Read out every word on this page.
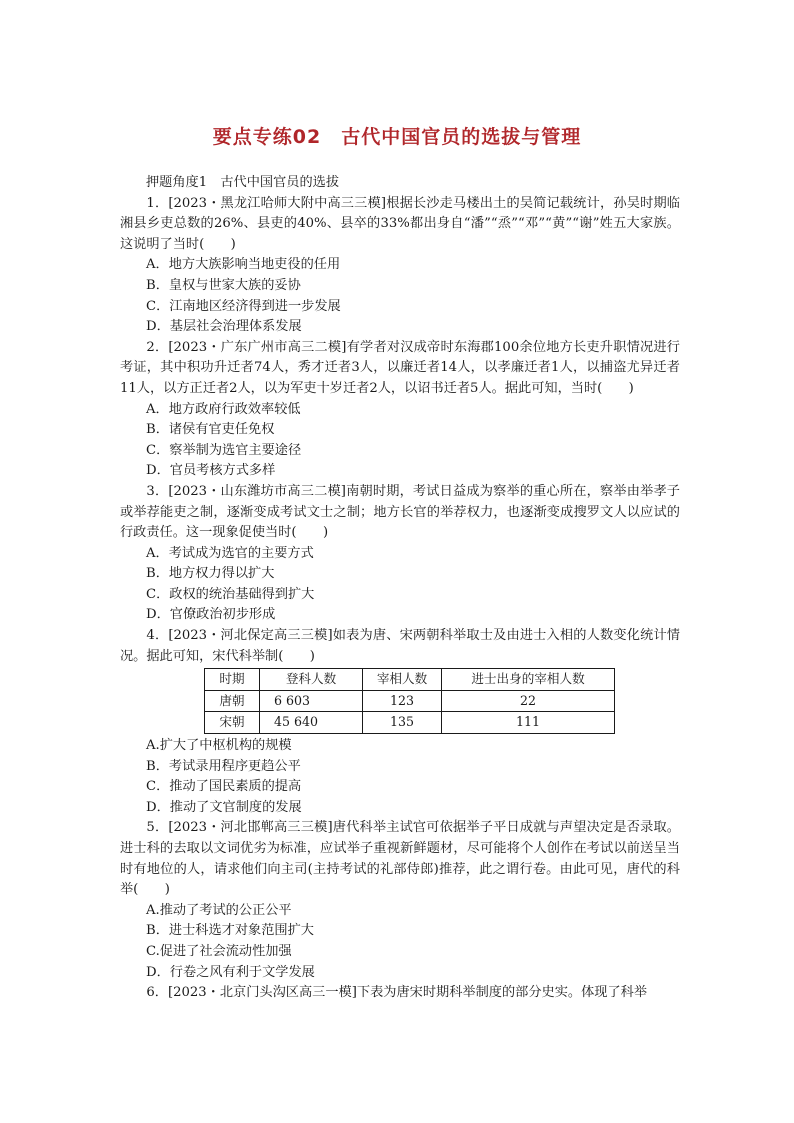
要点专练02　古代中国官员的选拔与管理

押题角度1　古代中国官员的选拔

1．[2023・黑龙江哈师大附中高三三模]根据长沙走马楼出土的吴简记载统计，孙吴时期临湘县乡吏总数的26%、县吏的40%、县卒的33%都出身自“潘”“烝”“邓”“黄”“谢”姓五大家族。这说明了当时(　　)

A．地方大族影响当地吏役的任用

B．皇权与世家大族的妥协

C．江南地区经济得到进一步发展

D．基层社会治理体系发展

2．[2023・广东广州市高三二模]有学者对汉成帝时东海郡100余位地方长吏升职情况进行考证，其中积功升迁者74人，秀才迁者3人，以廉迁者14人，以孝廉迁者1人，以捕盗尤异迁者11人，以方正迁者2人，以为军吏十岁迁者2人，以诏书迁者5人。据此可知，当时(　　)

A．地方政府行政效率较低

B．诸侯有官吏任免权

C．察举制为选官主要途径

D．官员考核方式多样

3．[2023・山东潍坊市高三二模]南朝时期，考试日益成为察举的重心所在，察举由举孝子或举荐能吏之制，逐渐变成考试文士之制；地方长官的举荐权力，也逐渐变成搜罗文人以应试的行政责任。这一现象促使当时(　　)

A．考试成为选官的主要方式

B．地方权力得以扩大

C．政权的统治基础得到扩大

D．官僚政治初步形成

4．[2023・河北保定高三三模]如表为唐、宋两朝科举取士及由进士入相的人数变化统计情况。据此可知，宋代科举制(　　)

时期	登科人数	宰相人数	进士出身的宰相人数
唐朝	6 603	123	22
宋朝	45 640	135	111

A.扩大了中枢机构的规模

B．考试录用程序更趋公平

C．推动了国民素质的提高

D．推动了文官制度的发展

5．[2023・河北邯郸高三三模]唐代科举主试官可依据举子平日成就与声望决定是否录取。进士科的去取以文词优劣为标准，应试举子重视新鲜题材，尽可能将个人创作在考试以前送呈当时有地位的人，请求他们向主司(主持考试的礼部侍郎)推荐，此之谓行卷。由此可见，唐代的科举(　　)

A.推动了考试的公正公平

B．进士科选才对象范围扩大

C.促进了社会流动性加强

D．行卷之风有利于文学发展

6．[2023・北京门头沟区高三一模]下表为唐宋时期科举制度的部分史实。体现了科举
